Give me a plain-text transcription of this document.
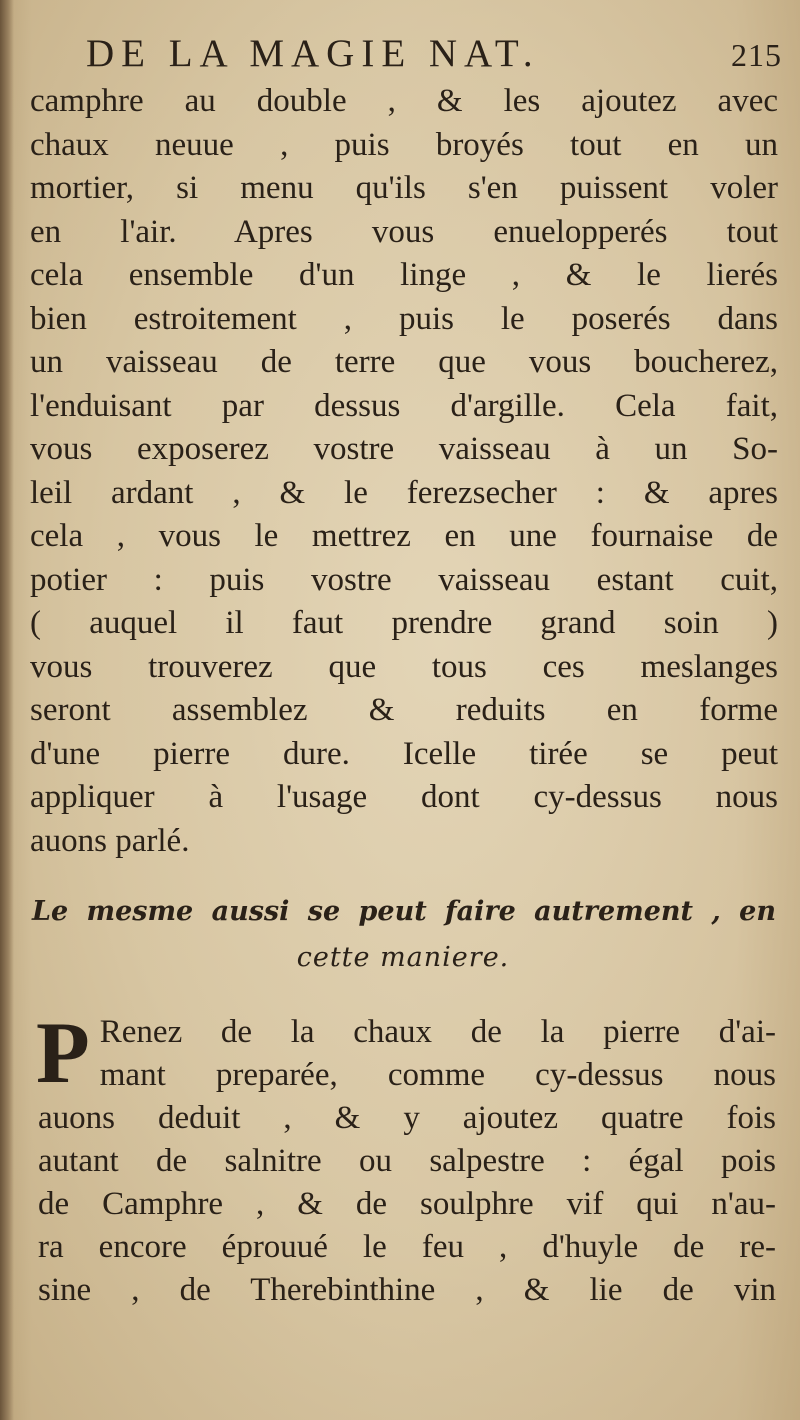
DE LA MAGIE NAT.	215
camphre au double , & les ajoutez avec
chaux neuue , puis broyés tout en un
mortier, si menu qu'ils s'en puissent voler
en l'air. Apres vous enuelopperés tout
cela ensemble d'un linge , & le lierés
bien estroitement , puis le poserés dans
un vaisseau de terre que vous boucherez,
l'enduisant par dessus d'argille. Cela fait,
vous exposerez vostre vaisseau à un So-
leil ardant , & le ferezsecher : & apres
cela , vous le mettrez en une fournaise de
potier : puis vostre vaisseau estant cuit,
( auquel il faut prendre grand soin )
vous trouverez que tous ces meslanges
seront assemblez & reduits en forme
d'une pierre dure. Icelle tirée se peut
appliquer à l'usage dont cy-dessus nous
auons parlé.
Le mesme aussi se peut faire autrement , en
cette maniere.
P Renez de la chaux de la pierre d'ai-
mant preparée, comme cy-dessus nous
auons deduit , & y ajoutez quatre fois
autant de salnitre ou salpestre : égal pois
de Camphre , & de soulphre vif qui n'au-
ra encore éprouué le feu , d'huyle de re-
sine , de Therebinthine , & lie de vin
